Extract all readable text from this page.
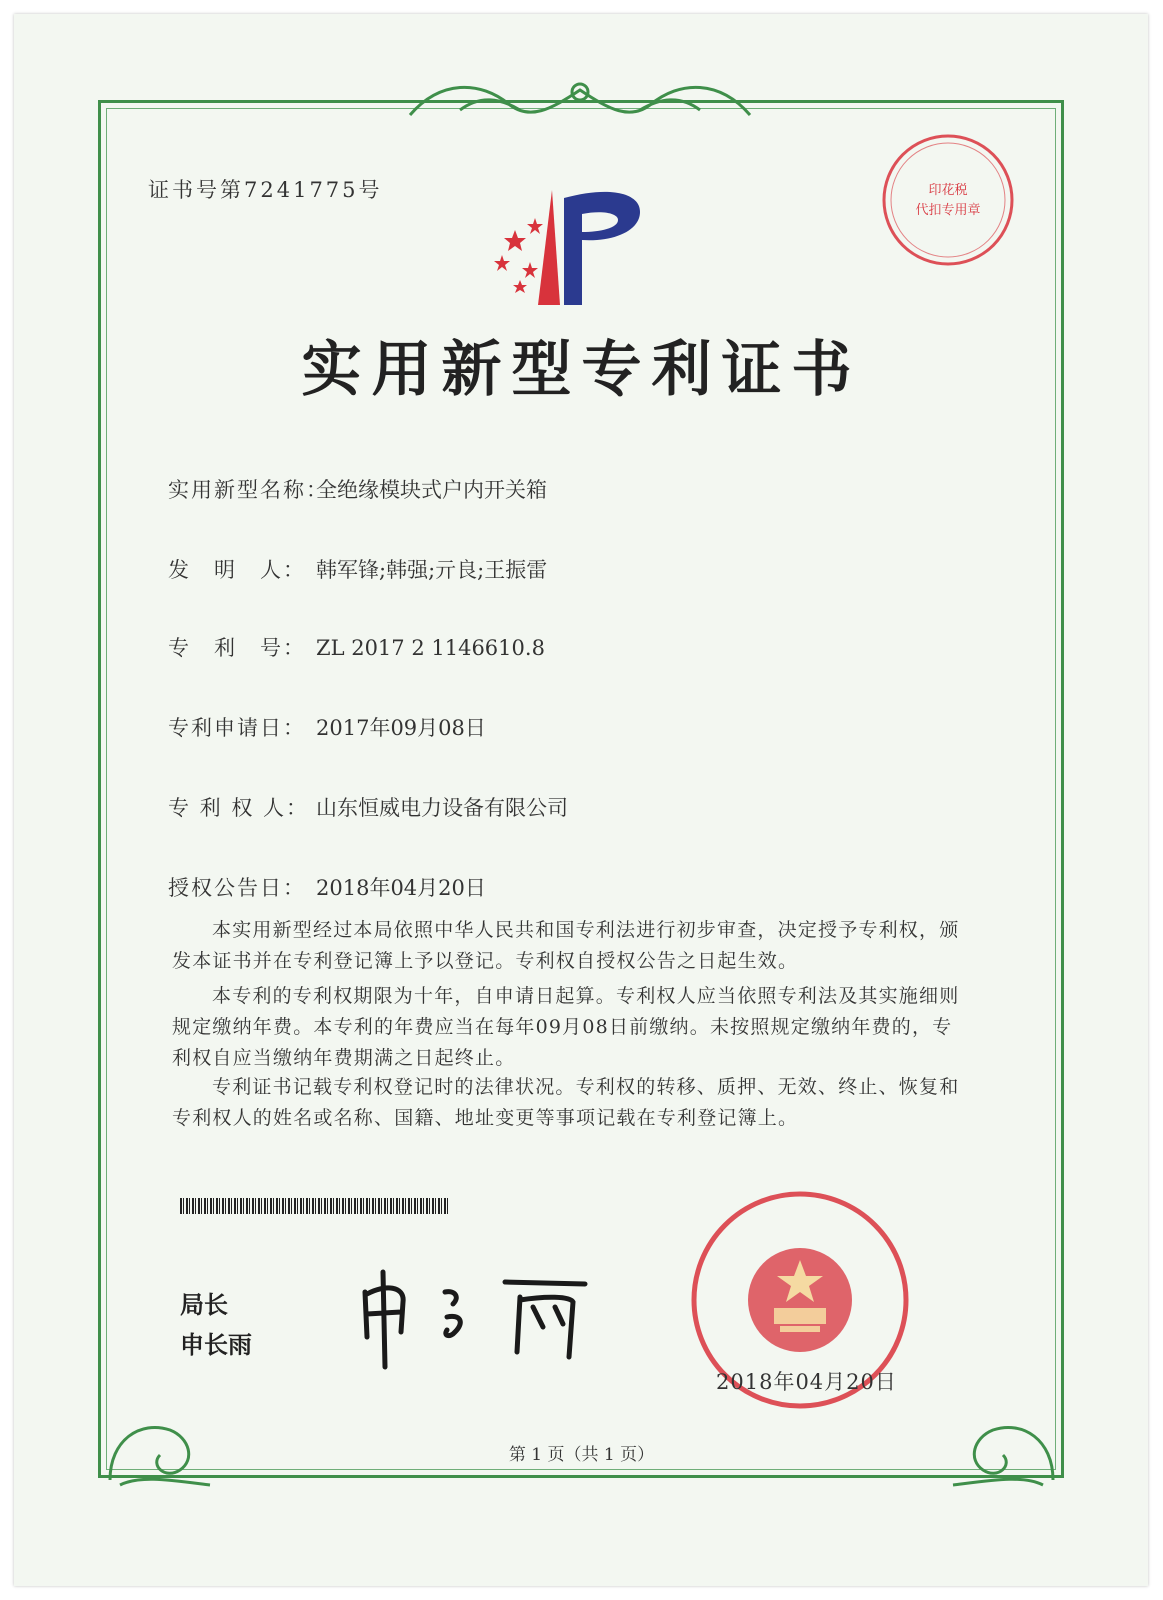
证书号第7241775号	印花税
代扣专用章
实用新型专利证书
实用新型名称：全绝缘模块式户内开关箱
发　明　人： 韩军锋;韩强;亓良;王振雷
专　利　号： ZL 2017 2 1146610.8
专利申请日： 2017年09月08日
专 利 权 人： 山东恒威电力设备有限公司
授权公告日： 2018年04月20日
本实用新型经过本局依照中华人民共和国专利法进行初步审查，决定授予专利权，颁发本证书并在专利登记簿上予以登记。专利权自授权公告之日起生效。
本专利的专利权期限为十年，自申请日起算。专利权人应当依照专利法及其实施细则规定缴纳年费。本专利的年费应当在每年09月08日前缴纳。未按照规定缴纳年费的，专利权自应当缴纳年费期满之日起终止。
专利证书记载专利权登记时的法律状况。专利权的转移、质押、无效、终止、恢复和专利权人的姓名或名称、国籍、地址变更等事项记载在专利登记簿上。
局长
申长雨
2018年04月20日
第 1 页（共 1 页）
